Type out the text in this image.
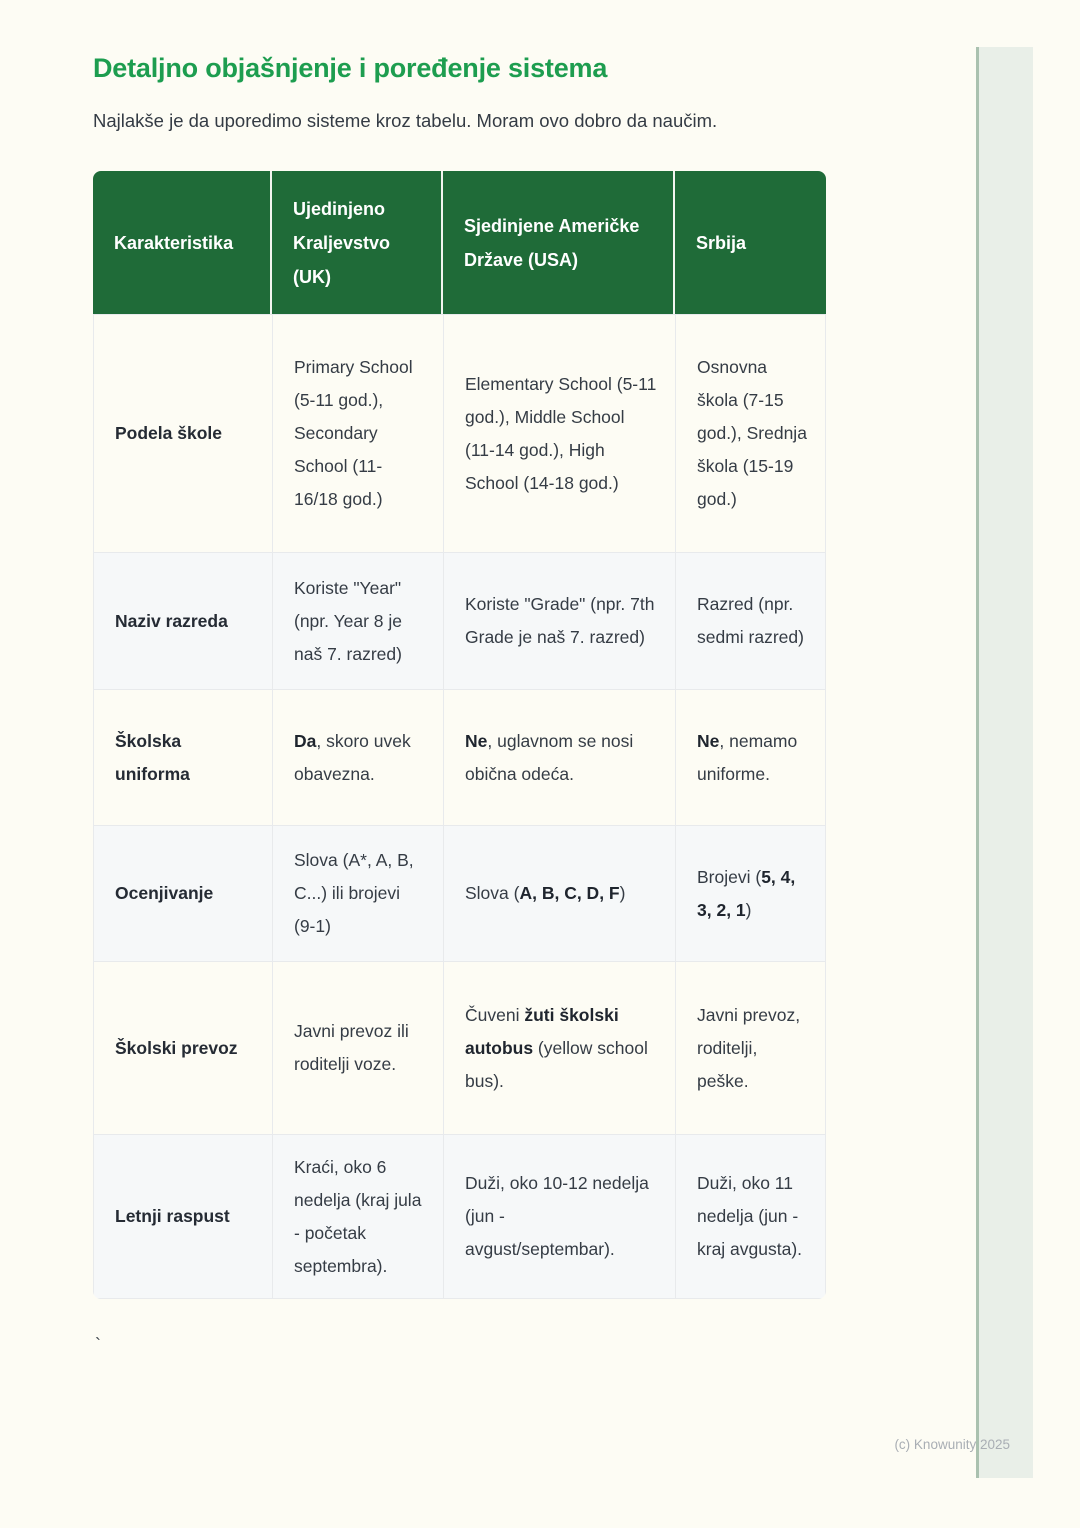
Detaljno objašnjenje i poređenje sistema

Najlakše je da uporedimo sisteme kroz tabelu. Moram ovo dobro da naučim.

Karakteristika	Ujedinjeno Kraljevstvo (UK)	Sjedinjene Američke Države (USA)	Srbija
Podela škole	Primary School (5-11 god.), Secondary School (11-16/18 god.)	Elementary School (5-11 god.), Middle School (11-14 god.), High School (14-18 god.)	Osnovna škola (7-15 god.), Srednja škola (15-19 god.)
Naziv razreda	Koriste "Year" (npr. Year 8 je naš 7. razred)	Koriste "Grade" (npr. 7th Grade je naš 7. razred)	Razred (npr. sedmi razred)
Školska uniforma	Da, skoro uvek obavezna.	Ne, uglavnom se nosi obična odeća.	Ne, nemamo uniforme.
Ocenjivanje	Slova (A*, A, B, C...) ili brojevi (9-1)	Slova (A, B, C, D, F)	Brojevi (5, 4, 3, 2, 1)
Školski prevoz	Javni prevoz ili roditelji voze.	Čuveni žuti školski autobus (yellow school bus).	Javni prevoz, roditelji, peške.
Letnji raspust	Kraći, oko 6 nedelja (kraj jula - početak septembra).	Duži, oko 10-12 nedelja (jun - avgust/septembar).	Duži, oko 11 nedelja (jun - kraj avgusta).
`
(c) Knowunity 2025
